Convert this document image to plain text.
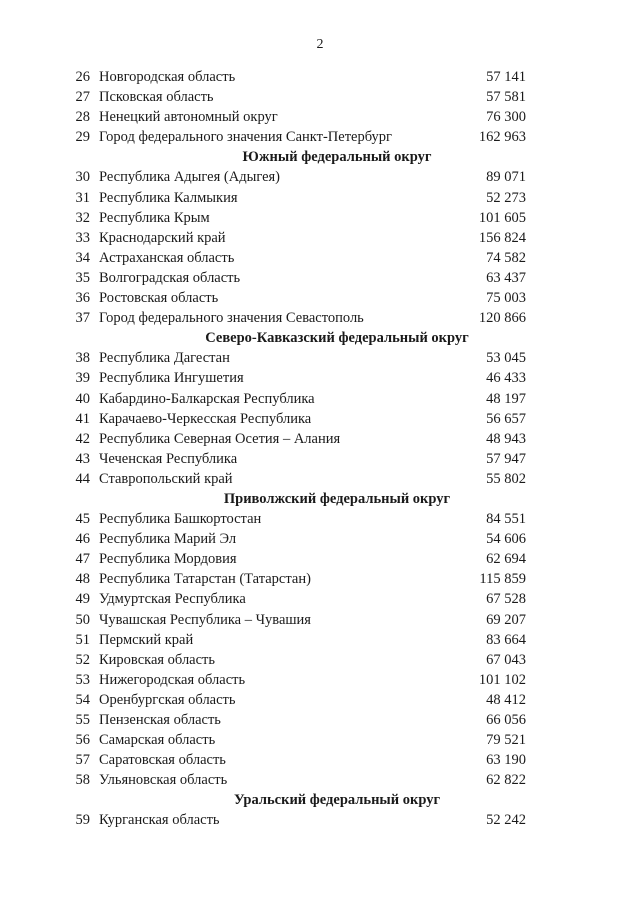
2
26 Новгородская область	57 141
27 Псковская область	57 581
28 Ненецкий автономный округ	76 300
29 Город федерального значения Санкт-Петербург	162 963
Южный федеральный округ
30 Республика Адыгея (Адыгея)	89 071
31 Республика Калмыкия	52 273
32 Республика Крым	101 605
33 Краснодарский край	156 824
34 Астраханская область	74 582
35 Волгоградская область	63 437
36 Ростовская область	75 003
37 Город федерального значения Севастополь	120 866
Северо-Кавказский федеральный округ
38 Республика Дагестан	53 045
39 Республика Ингушетия	46 433
40 Кабардино-Балкарская Республика	48 197
41 Карачаево-Черкесская Республика	56 657
42 Республика Северная Осетия – Алания	48 943
43 Чеченская Республика	57 947
44 Ставропольский край	55 802
Приволжский федеральный округ
45 Республика Башкортостан	84 551
46 Республика Марий Эл	54 606
47 Республика Мордовия	62 694
48 Республика Татарстан (Татарстан)	115 859
49 Удмуртская Республика	67 528
50 Чувашская Республика – Чувашия	69 207
51 Пермский край	83 664
52 Кировская область	67 043
53 Нижегородская область	101 102
54 Оренбургская область	48 412
55 Пензенская область	66 056
56 Самарская область	79 521
57 Саратовская область	63 190
58 Ульяновская область	62 822
Уральский федеральный округ
59 Курганская область	52 242
